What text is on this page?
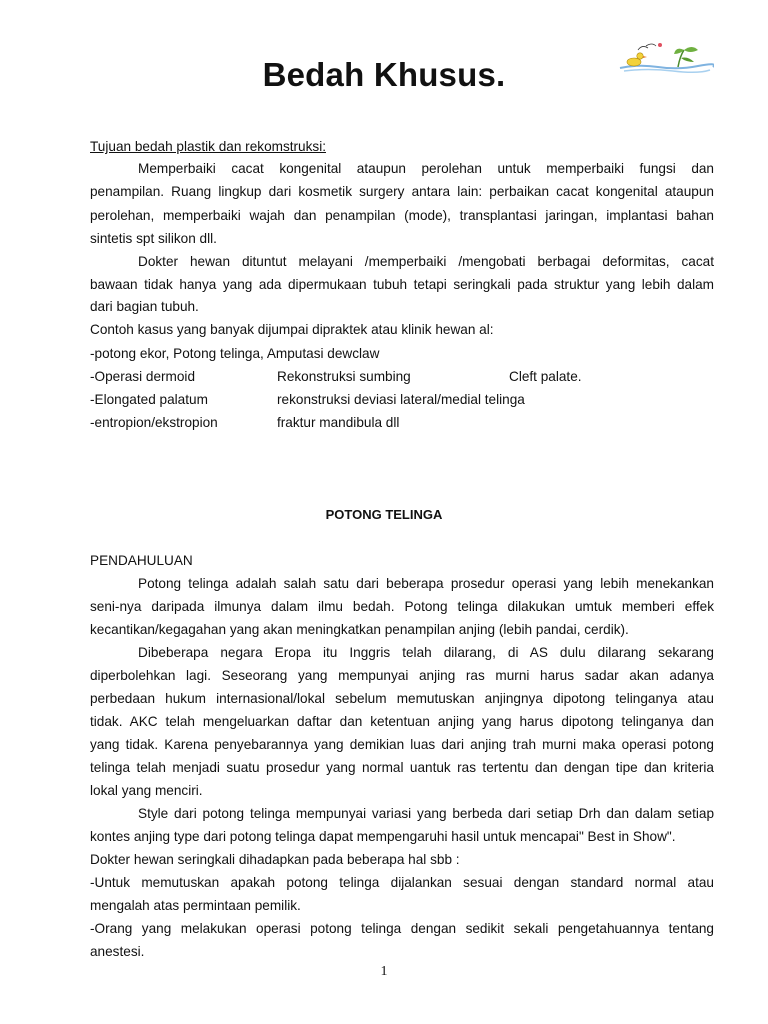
Bedah Khusus.
Tujuan bedah plastik dan rekomstruksi:
Memperbaiki cacat kongenital ataupun perolehan untuk memperbaiki fungsi dan
penampilan. Ruang lingkup dari kosmetik surgery antara lain: perbaikan cacat kongenital ataupun
perolehan, memperbaiki wajah dan penampilan (mode), transplantasi jaringan, implantasi bahan
sintetis spt silikon dll.
Dokter hewan dituntut melayani /memperbaiki /mengobati berbagai deformitas, cacat
bawaan tidak hanya yang ada dipermukaan tubuh tetapi seringkali pada struktur yang lebih dalam
dari bagian tubuh.
Contoh kasus yang banyak dijumpai dipraktek atau klinik hewan al:
-potong ekor, Potong telinga, Amputasi dewclaw
-Operasi dermoid	Rekonstruksi sumbing	Cleft palate.
-Elongated palatum	rekonstruksi deviasi lateral/medial telinga
-entropion/ekstropion	fraktur mandibula dll
POTONG TELINGA
PENDAHULUAN
Potong telinga adalah salah satu dari beberapa prosedur operasi yang lebih menekankan
seni-nya daripada ilmunya dalam ilmu bedah. Potong telinga dilakukan umtuk memberi effek
kecantikan/kegagahan yang akan meningkatkan penampilan anjing (lebih pandai, cerdik).
Dibeberapa negara Eropa itu Inggris telah dilarang, di AS dulu dilarang sekarang
diperbolehkan lagi. Seseorang yang mempunyai anjing ras murni harus sadar akan adanya
perbedaan hukum internasional/lokal sebelum memutuskan anjingnya dipotong telinganya atau
tidak. AKC telah mengeluarkan daftar dan ketentuan anjing yang harus dipotong telinganya dan
yang tidak. Karena penyebarannya yang demikian luas dari anjing trah murni maka operasi potong
telinga telah menjadi suatu prosedur yang normal uantuk ras tertentu dan dengan tipe dan kriteria
lokal yang menciri.
Style dari potong telinga mempunyai variasi yang berbeda dari setiap Drh dan dalam setiap
kontes anjing type dari potong telinga dapat mempengaruhi hasil untuk mencapai" Best in Show".
Dokter hewan seringkali dihadapkan pada beberapa hal sbb :
-Untuk memutuskan apakah potong telinga dijalankan sesuai dengan standard normal atau
mengalah atas permintaan pemilik.
-Orang yang melakukan operasi potong telinga dengan sedikit sekali pengetahuannya tentang
anestesi.
1
